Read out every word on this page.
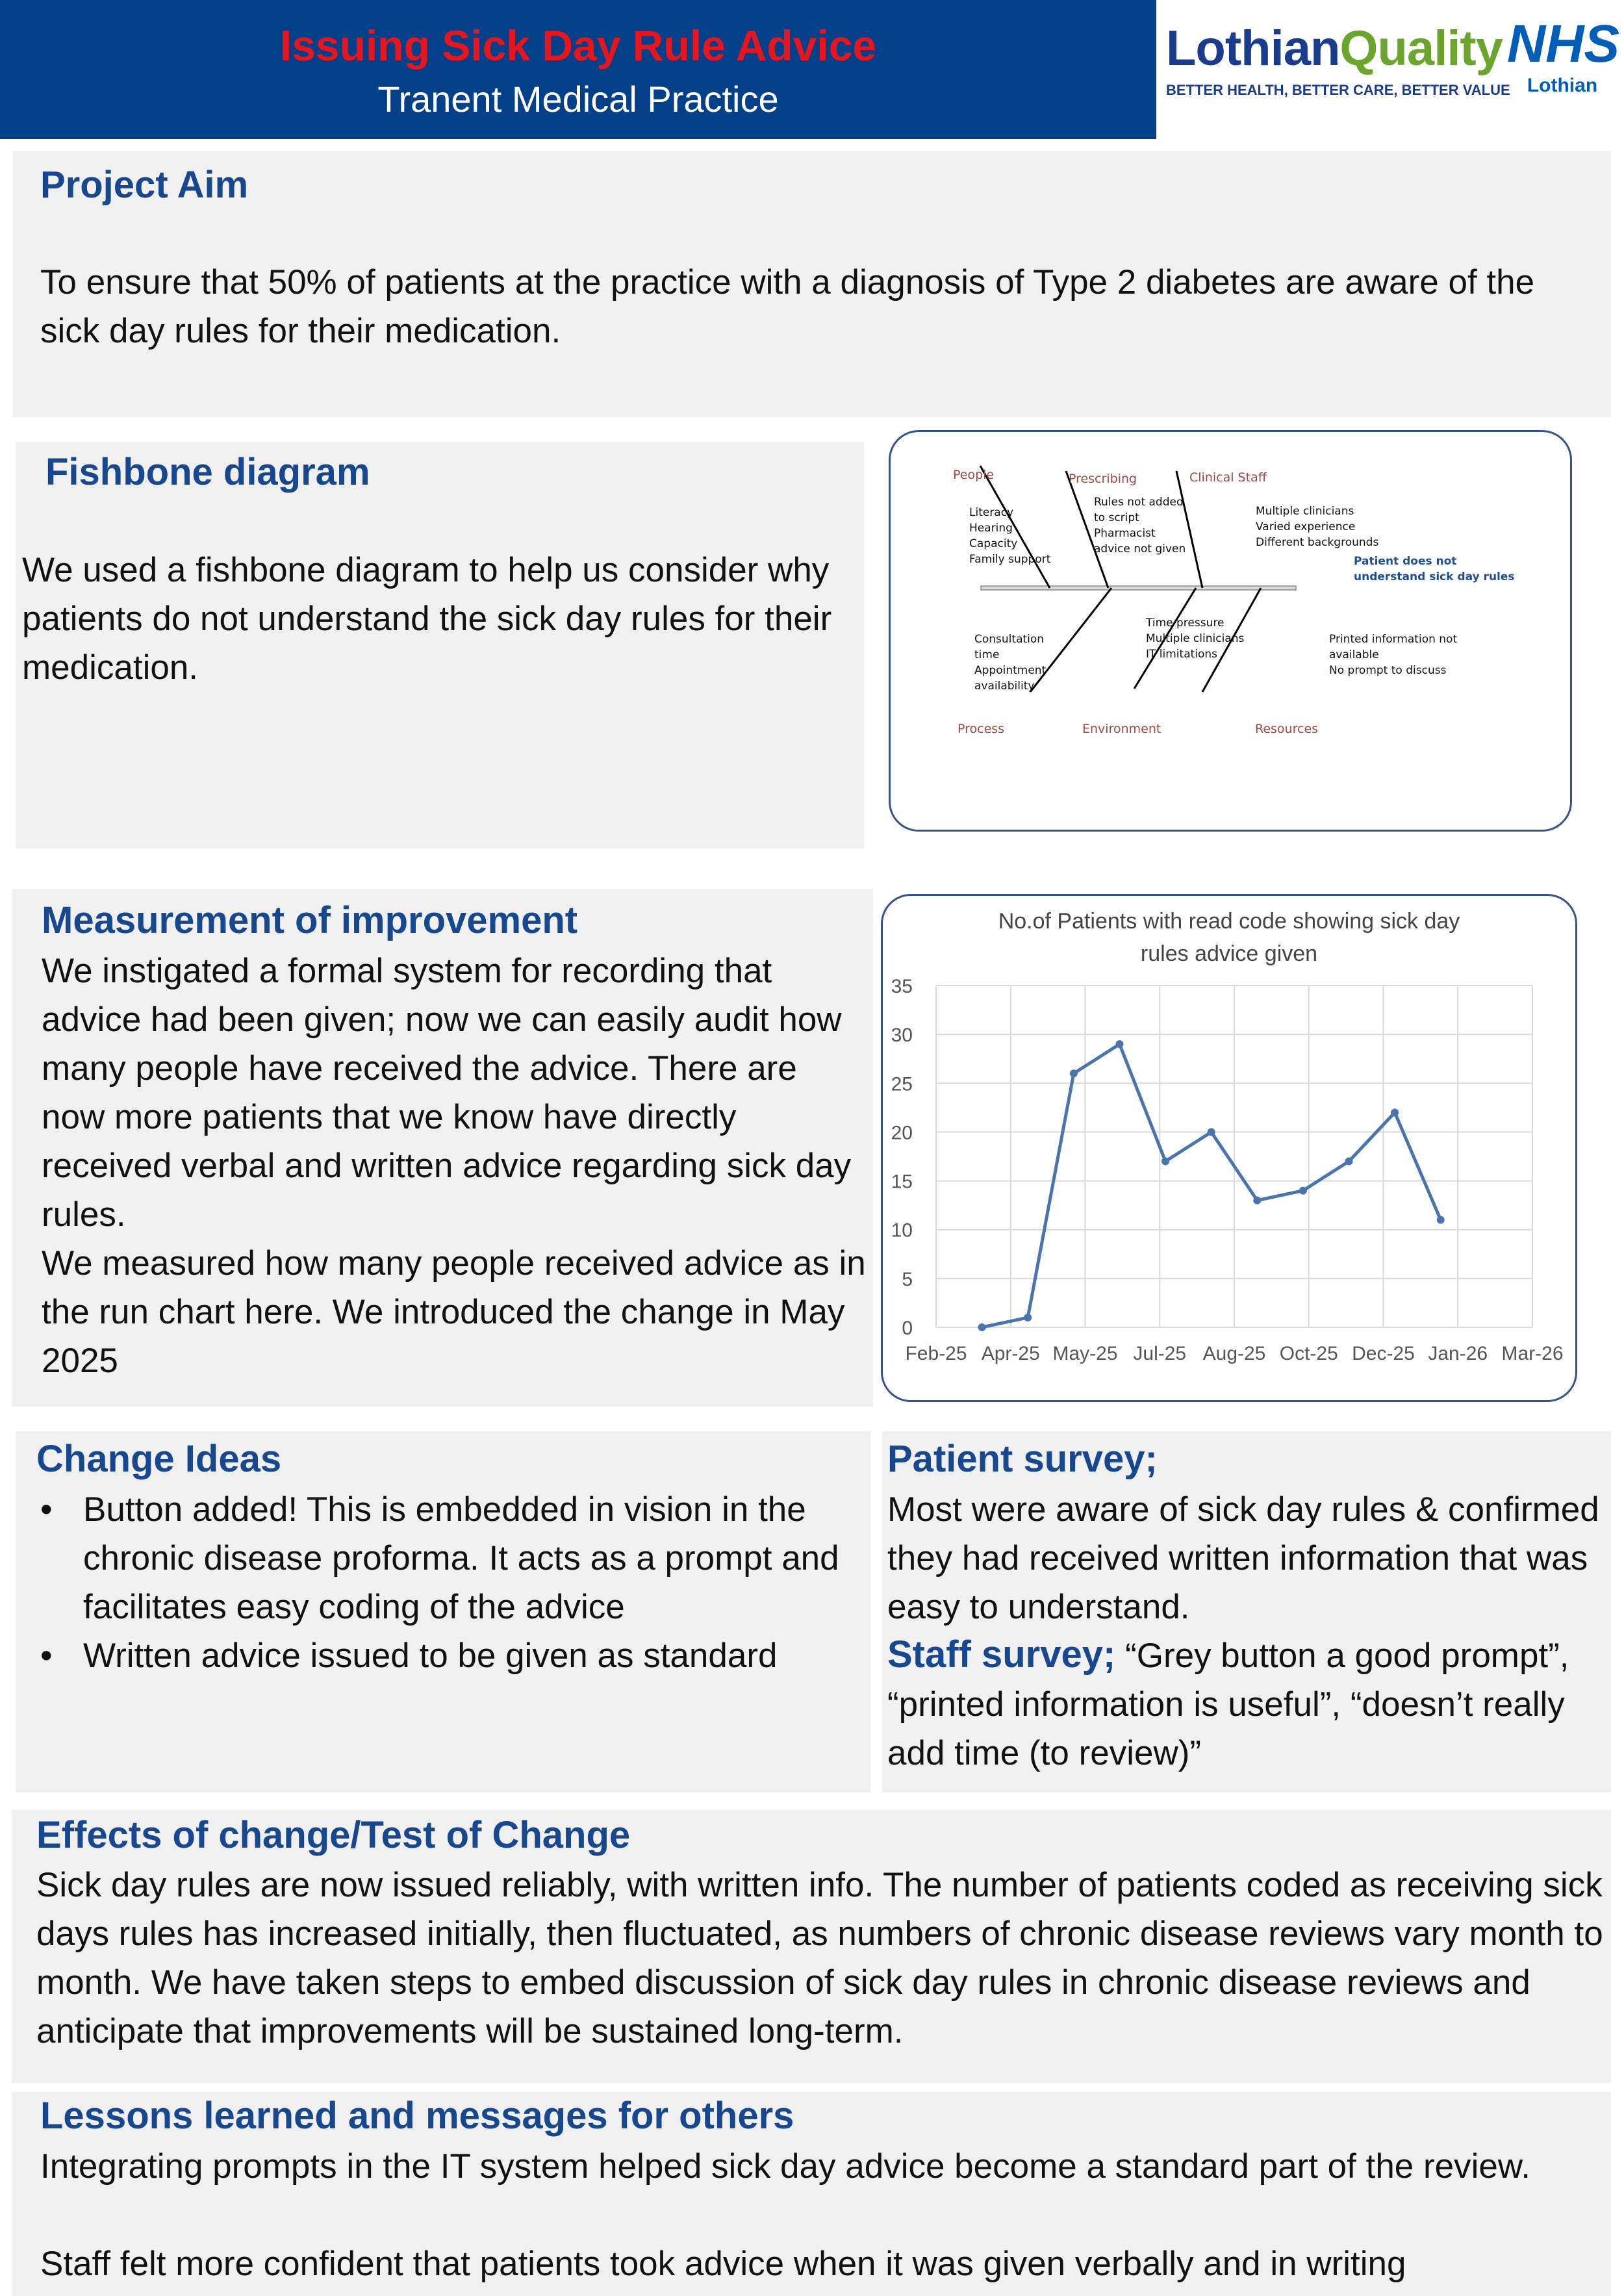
Issuing Sick Day Rule Advice
Tranent Medical Practice
LothianQuality
BETTER HEALTH, BETTER CARE, BETTER VALUE
NHS
Lothian
Project Aim
To ensure that 50% of patients at the practice with a diagnosis of Type 2 diabetes are aware of the sick day rules for their medication.
Fishbone diagram
We used a fishbone diagram to help us consider why patients do not understand the sick day rules for their medication.
People	Prescribing	Clinical Staff
Process	Environment	Resources
Patient does not
understand sick day rules
Literacy
Hearing
Capacity
Family support
Rules not added
to script
Pharmacist
advice not given
Multiple clinicians
Varied experience
Different backgrounds
Consultation
time
Appointment
availability
Time pressure
Multiple clinicians
IT limitations
Printed information not
available
No prompt to discuss
Measurement of improvement
We instigated a formal system for recording that advice had been given; now we can easily audit how many people have received the advice. There are now more patients that we know have directly received verbal and written advice regarding sick day rules.
We measured how many people received advice as in the run chart here. We introduced the change in May 2025
No.of Patients with read code showing sick day
rules advice given
0
5
10
15
20
25
30
35
Feb-25 Apr-25 May-25 Jul-25 Aug-25 Oct-25 Dec-25 Jan-26 Mar-26
Change Ideas
• Button added! This is embedded in vision in the chronic disease proforma. It acts as a prompt and facilitates easy coding of the advice
• Written advice issued to be given as standard
Patient survey;
Most were aware of sick day rules & confirmed they had received written information that was easy to understand.
Staff survey; “Grey button a good prompt”, “printed information is useful”, “doesn’t really add time (to review)”
Effects of change/Test of Change
Sick day rules are now issued reliably, with written info. The number of patients coded as receiving sick days rules has increased initially, then fluctuated, as numbers of chronic disease reviews vary month to month. We have taken steps to embed discussion of sick day rules in chronic disease reviews and anticipate that improvements will be sustained long-term.
Lessons learned and messages for others
Integrating prompts in the IT system helped sick day advice become a standard part of the review.
Staff felt more confident that patients took advice when it was given verbally and in writing
